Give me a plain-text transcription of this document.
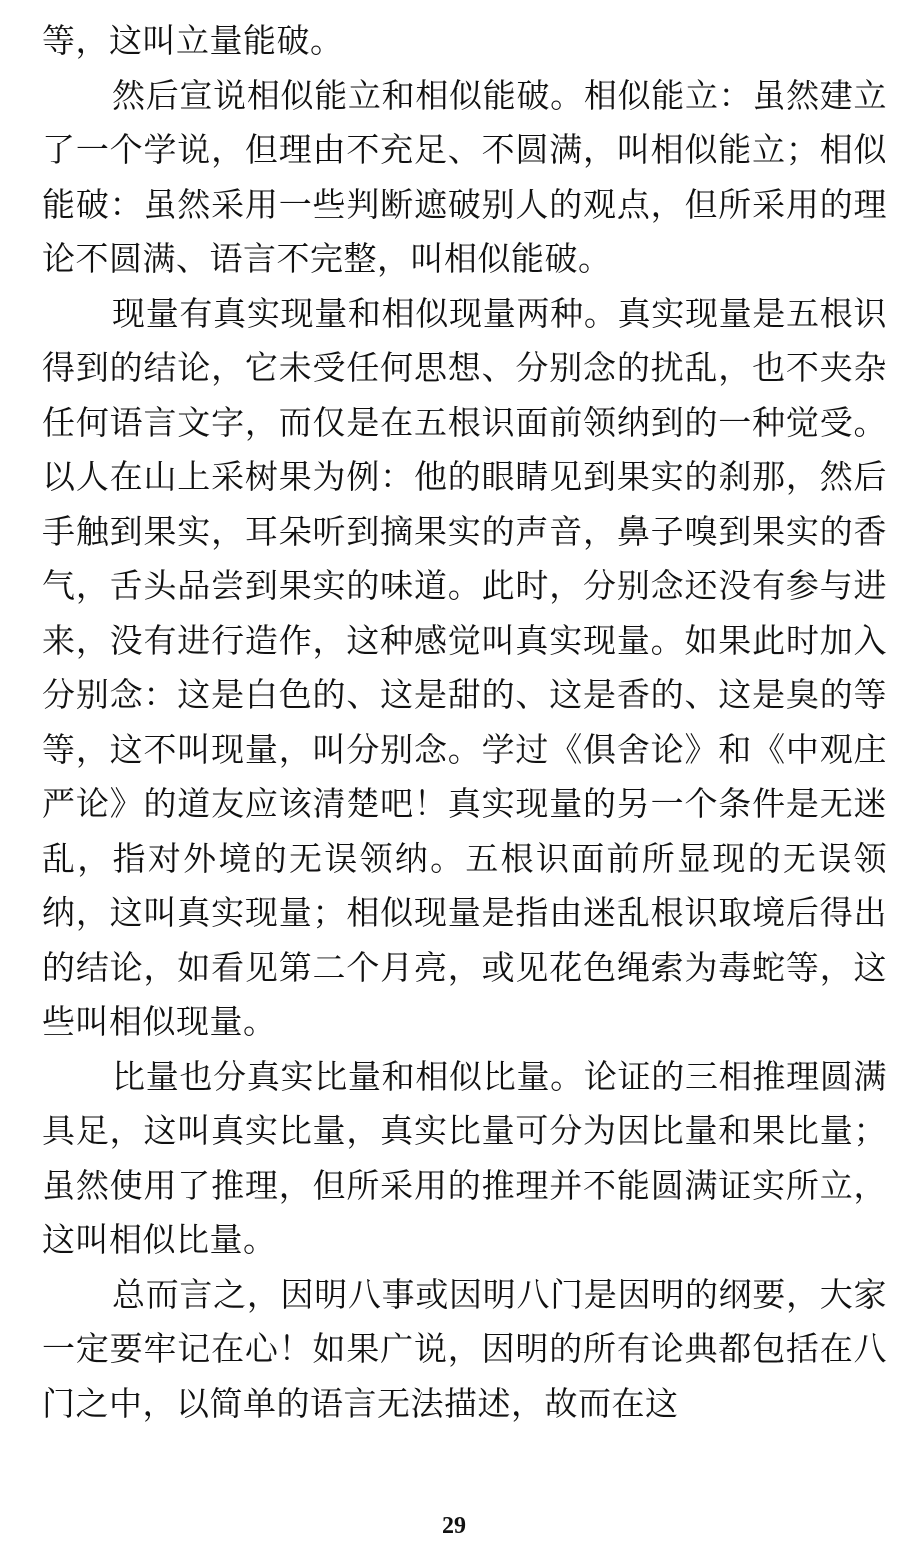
等，这叫立量能破。

然后宣说相似能立和相似能破。相似能立：虽然建立了一个学说，但理由不充足、不圆满，叫相似能立；相似能破：虽然采用一些判断遮破别人的观点，但所采用的理论不圆满、语言不完整，叫相似能破。

现量有真实现量和相似现量两种。真实现量是五根识得到的结论，它未受任何思想、分别念的扰乱，也不夹杂任何语言文字，而仅是在五根识面前领纳到的一种觉受。以人在山上采树果为例：他的眼睛见到果实的刹那，然后手触到果实，耳朵听到摘果实的声音，鼻子嗅到果实的香气，舌头品尝到果实的味道。此时，分别念还没有参与进来，没有进行造作，这种感觉叫真实现量。如果此时加入分别念：这是白色的、这是甜的、这是香的、这是臭的等等，这不叫现量，叫分别念。学过《俱舍论》和《中观庄严论》的道友应该清楚吧！真实现量的另一个条件是无迷乱，指对外境的无误领纳。五根识面前所显现的无误领纳，这叫真实现量；相似现量是指由迷乱根识取境后得出的结论，如看见第二个月亮，或见花色绳索为毒蛇等，这些叫相似现量。

比量也分真实比量和相似比量。论证的三相推理圆满具足，这叫真实比量，真实比量可分为因比量和果比量；虽然使用了推理，但所采用的推理并不能圆满证实所立，这叫相似比量。

总而言之，因明八事或因明八门是因明的纲要，大家一定要牢记在心！如果广说，因明的所有论典都包括在八门之中，以简单的语言无法描述，故而在这

29
